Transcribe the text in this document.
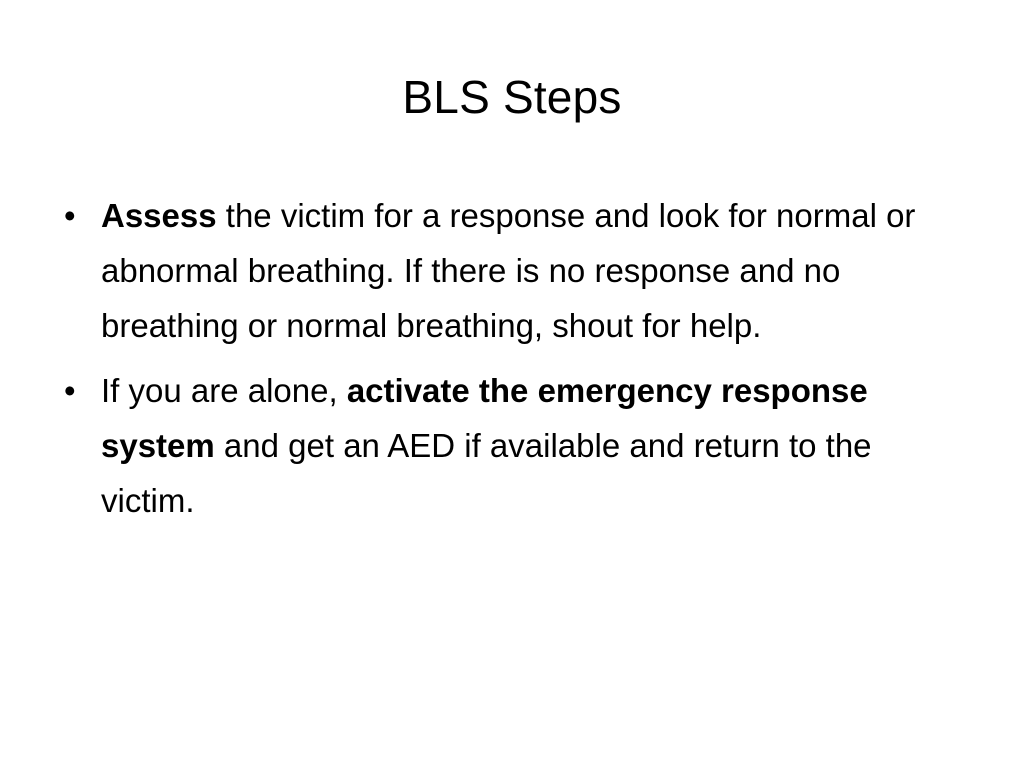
BLS Steps
• Assess the victim for a response and look for normal or abnormal breathing. If there is no response and no breathing or normal breathing, shout for help.
• If you are alone, activate the emergency response system and get an AED if available and return to the victim.
